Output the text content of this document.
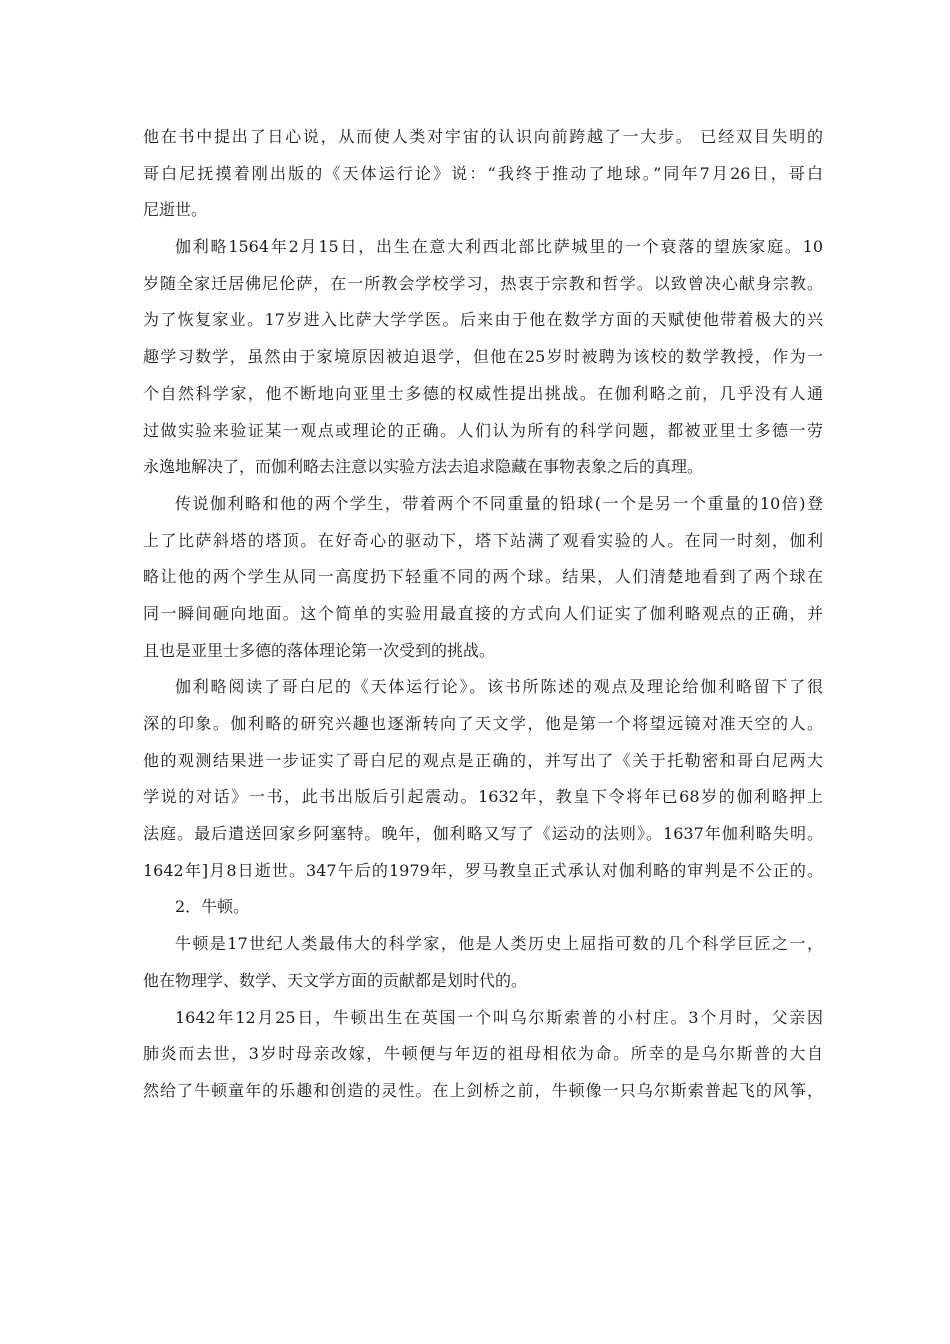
他在书中提出了日心说，从而使人类对宇宙的认识向前跨越了一大步。 已经双目失明的
哥白尼抚摸着刚出版的《天体运行论》说：“我终于推动了地球。”同年7月26日，哥白
尼逝世。
伽利略1564年2月15日，出生在意大利西北部比萨城里的一个衰落的望族家庭。10
岁随全家迁居佛尼伦萨，在一所教会学校学习，热衷于宗教和哲学。以致曾决心献身宗教。
为了恢复家业。17岁进入比萨大学学医。后来由于他在数学方面的天赋使他带着极大的兴
趣学习数学，虽然由于家境原因被迫退学，但他在25岁时被聘为该校的数学教授，作为一
个自然科学家，他不断地向亚里士多德的权威性提出挑战。在伽利略之前，几乎没有人通
过做实验来验证某一观点或理论的正确。人们认为所有的科学问题，都被亚里士多德一劳
永逸地解决了，而伽利略去注意以实验方法去追求隐藏在事物表象之后的真理。
传说伽利略和他的两个学生，带着两个不同重量的铅球(一个是另一个重量的10倍)登
上了比萨斜塔的塔顶。在好奇心的驱动下，塔下站满了观看实验的人。在同一时刻，伽利
略让他的两个学生从同一高度扔下轻重不同的两个球。结果，人们清楚地看到了两个球在
同一瞬间砸向地面。这个简单的实验用最直接的方式向人们证实了伽利略观点的正确，并
且也是亚里士多德的落体理论第一次受到的挑战。
伽利略阅读了哥白尼的《天体运行论》。该书所陈述的观点及理论给伽利略留下了很
深的印象。伽利略的研究兴趣也逐渐转向了天文学，他是第一个将望远镜对准天空的人。
他的观测结果进一步证实了哥白尼的观点是正确的，并写出了《关于托勒密和哥白尼两大
学说的对话》一书，此书出版后引起震动。1632年，教皇下令将年已68岁的伽利略押上
法庭。最后遣送回家乡阿塞特。晚年，伽利略又写了《运动的法则》。1637年伽利略失明。
1642年]月8日逝世。347午后的1979年，罗马教皇正式承认对伽利略的审判是不公正的。
2．牛顿。
牛顿是17世纪人类最伟大的科学家，他是人类历史上屈指可数的几个科学巨匠之一，
他在物理学、数学、天文学方面的贡献都是划时代的。
1642年12月25日，牛顿出生在英国一个叫乌尔斯索普的小村庄。3个月时，父亲因
肺炎而去世，3岁时母亲改嫁，牛顿便与年迈的祖母相依为命。所幸的是乌尔斯普的大自
然给了牛顿童年的乐趣和创造的灵性。在上剑桥之前，牛顿像一只乌尔斯索普起飞的风筝，
